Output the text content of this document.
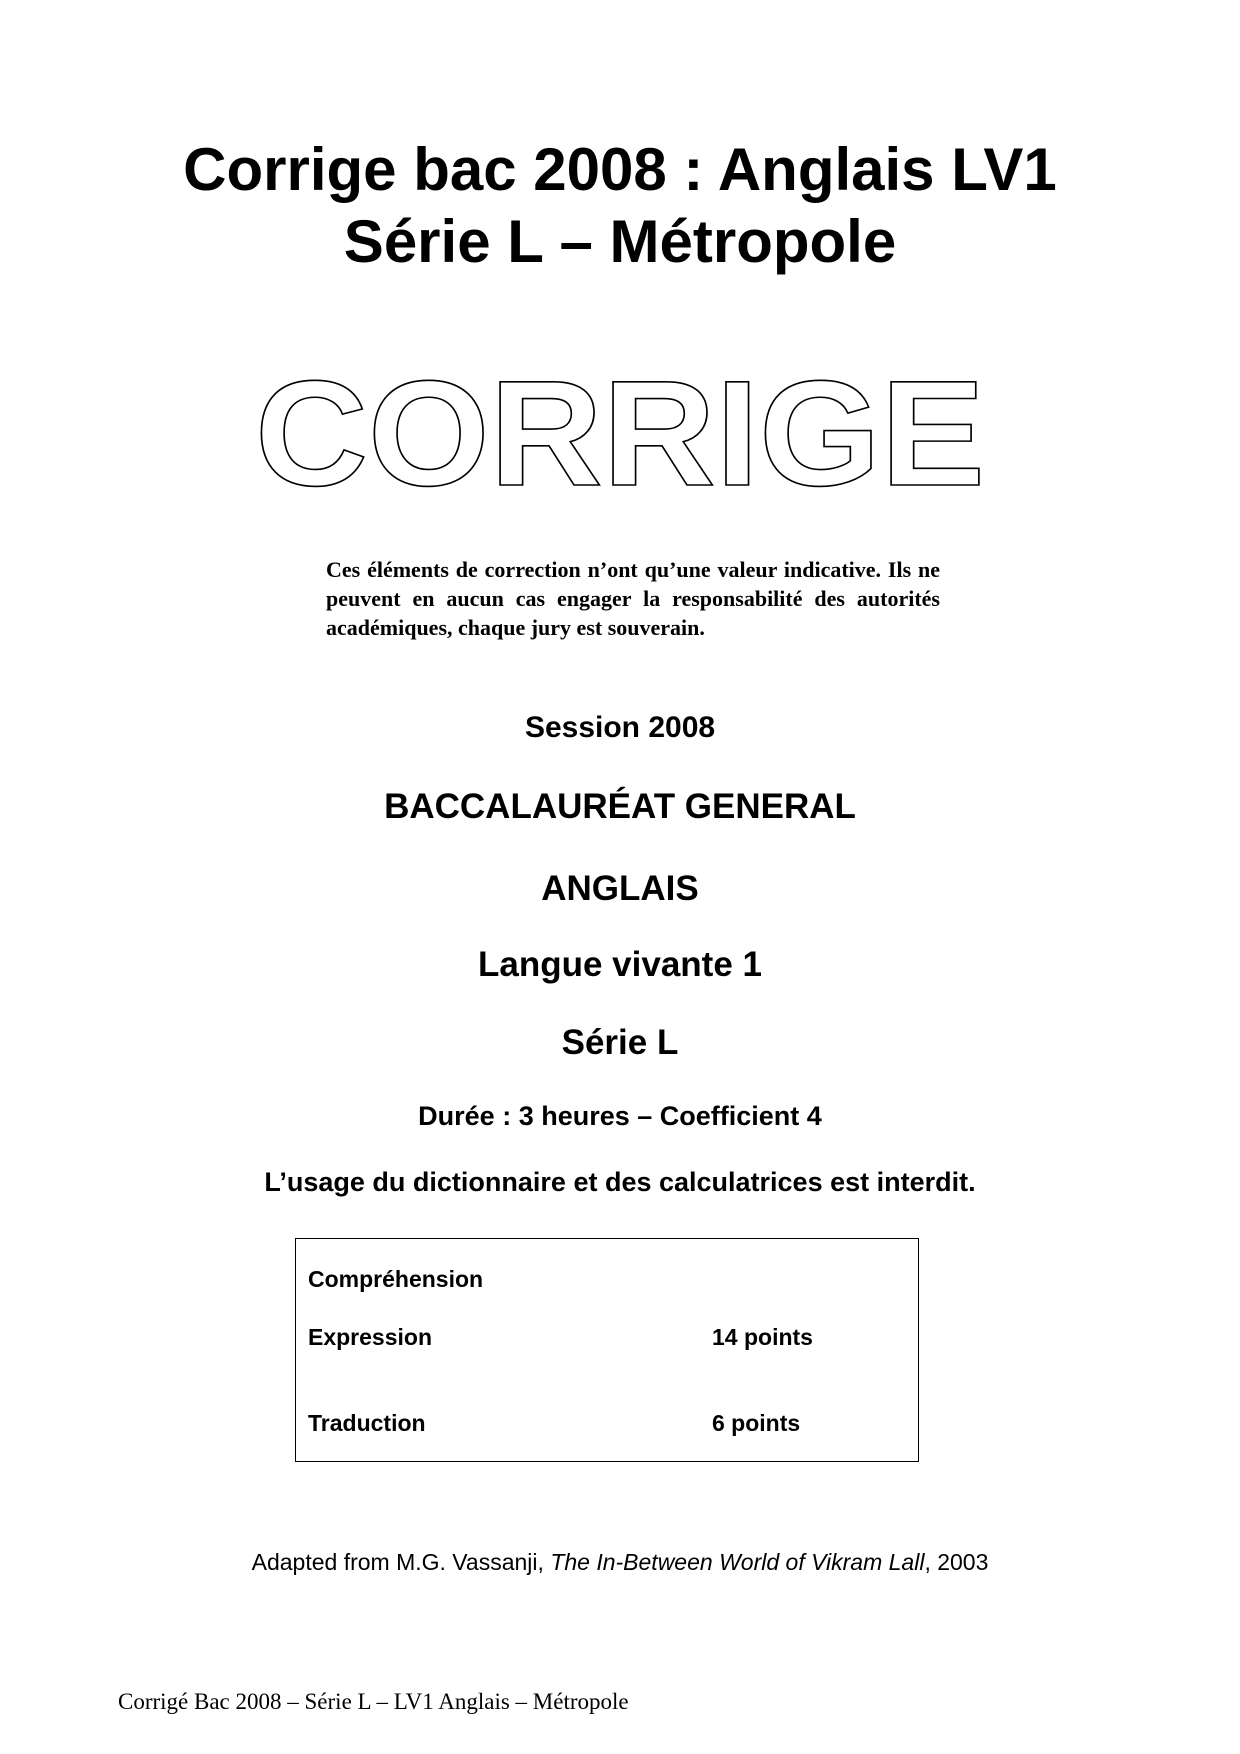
Corrige bac 2008 : Anglais LV1
Série L – Métropole
CORRIGE

Ces éléments de correction n’ont qu’une valeur indicative. Ils ne peuvent en aucun cas engager la responsabilité des autorités académiques, chaque jury est souverain.

Session 2008

BACCALAURÉAT GENERAL

ANGLAIS

Langue vivante 1

Série L

Durée : 3 heures – Coefficient 4

L’usage du dictionnaire et des calculatrices est interdit.

Compréhension
Expression	14 points
Traduction	6 points

Adapted from M.G. Vassanji, The In-Between World of Vikram Lall, 2003

Corrigé Bac 2008 – Série L – LV1 Anglais – Métropole
